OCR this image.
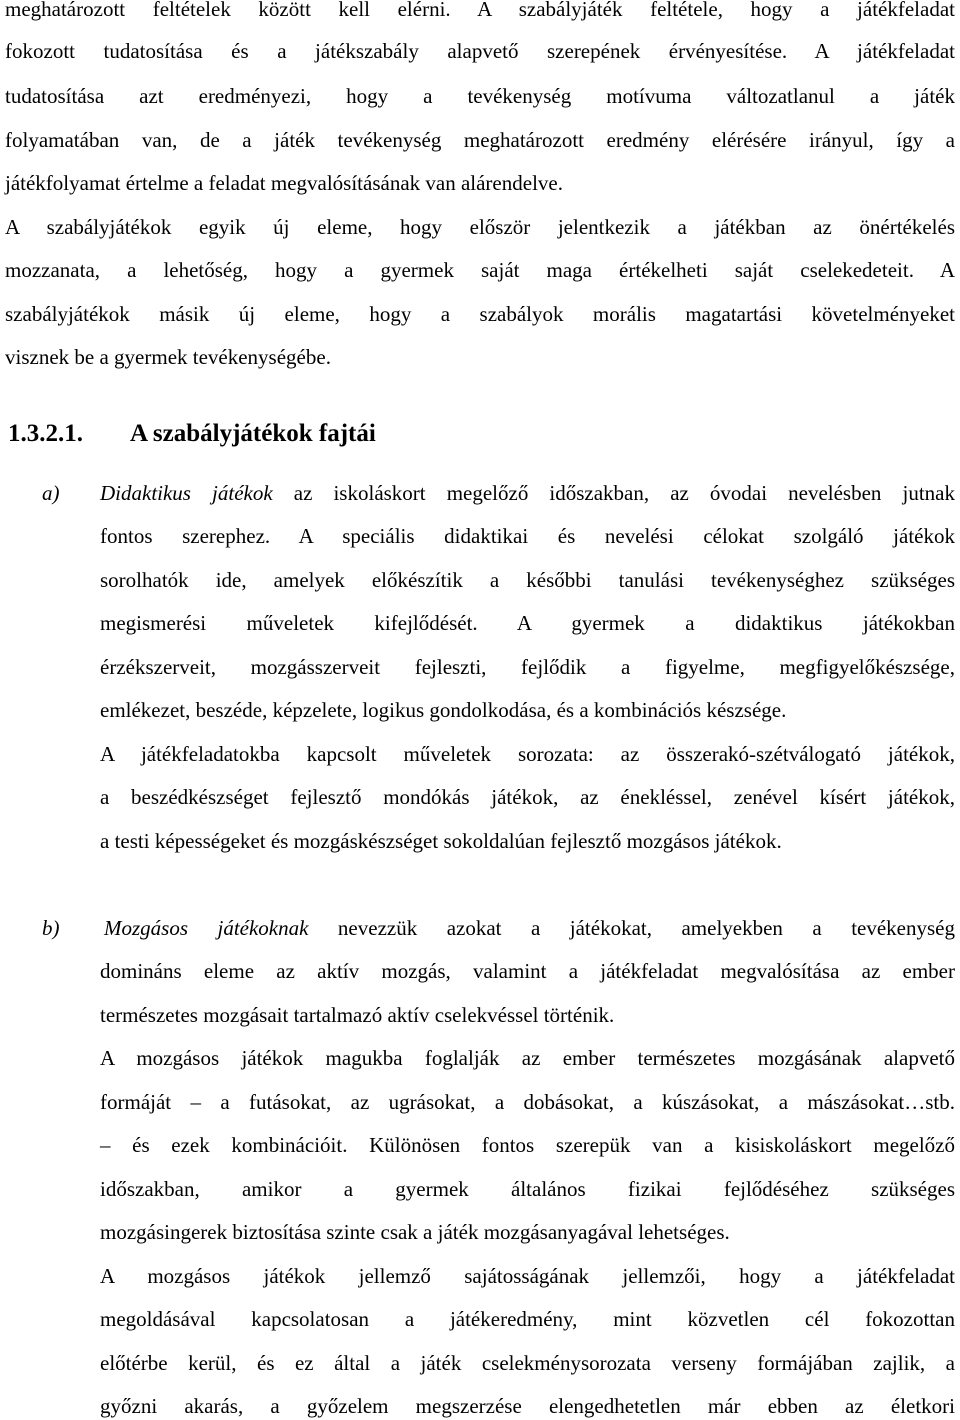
meghatározott feltételek között kell elérni. A szabályjáték feltétele, hogy a játékfeladat
fokozott tudatosítása és a játékszabály alapvető szerepének érvényesítése. A játékfeladat
tudatosítása azt eredményezi, hogy a tevékenység motívuma változatlanul a játék
folyamatában van, de a játék tevékenység meghatározott eredmény elérésére irányul, így a
játékfolyamat értelme a feladat megvalósításának van alárendelve.
A szabályjátékok egyik új eleme, hogy először jelentkezik a játékban az önértékelés
mozzanata, a lehetőség, hogy a gyermek saját maga értékelheti saját cselekedeteit. A
szabályjátékok másik új eleme, hogy a szabályok morális magatartási követelményeket
visznek be a gyermek tevékenységébe.
1.3.2.1. A szabályjátékok fajtái
a) Didaktikus játékok az iskoláskort megelőző időszakban, az óvodai nevelésben jutnak
fontos szerephez. A speciális didaktikai és nevelési célokat szolgáló játékok
sorolhatók ide, amelyek előkészítik a későbbi tanulási tevékenységhez szükséges
megismerési műveletek kifejlődését. A gyermek a didaktikus játékokban
érzékszerveit, mozgásszerveit fejleszti, fejlődik a figyelme, megfigyelőkészsége,
emlékezet, beszéde, képzelete, logikus gondolkodása, és a kombinációs készsége.
A játékfeladatokba kapcsolt műveletek sorozata: az összerakó-szétválogató játékok,
a beszédkészséget fejlesztő mondókás játékok, az énekléssel, zenével kísért játékok,
a testi képességeket és mozgáskészséget sokoldalúan fejlesztő mozgásos játékok.
b) Mozgásos játékoknak nevezzük azokat a játékokat, amelyekben a tevékenység
domináns eleme az aktív mozgás, valamint a játékfeladat megvalósítása az ember
természetes mozgásait tartalmazó aktív cselekvéssel történik.
A mozgásos játékok magukba foglalják az ember természetes mozgásának alapvető
formáját – a futásokat, az ugrásokat, a dobásokat, a kúszásokat, a mászásokat…stb.
– és ezek kombinációit. Különösen fontos szerepük van a kisiskoláskort megelőző
időszakban, amikor a gyermek általános fizikai fejlődéséhez szükséges
mozgásingerek biztosítása szinte csak a játék mozgásanyagával lehetséges.
A mozgásos játékok jellemző sajátosságának jellemzői, hogy a játékfeladat
megoldásával kapcsolatosan a játékeredmény, mint közvetlen cél fokozottan
előtérbe kerül, és ez által a játék cselekménysorozata verseny formájában zajlik, a
győzni akarás, a győzelem megszerzése elengedhetetlen már ebben az életkori
